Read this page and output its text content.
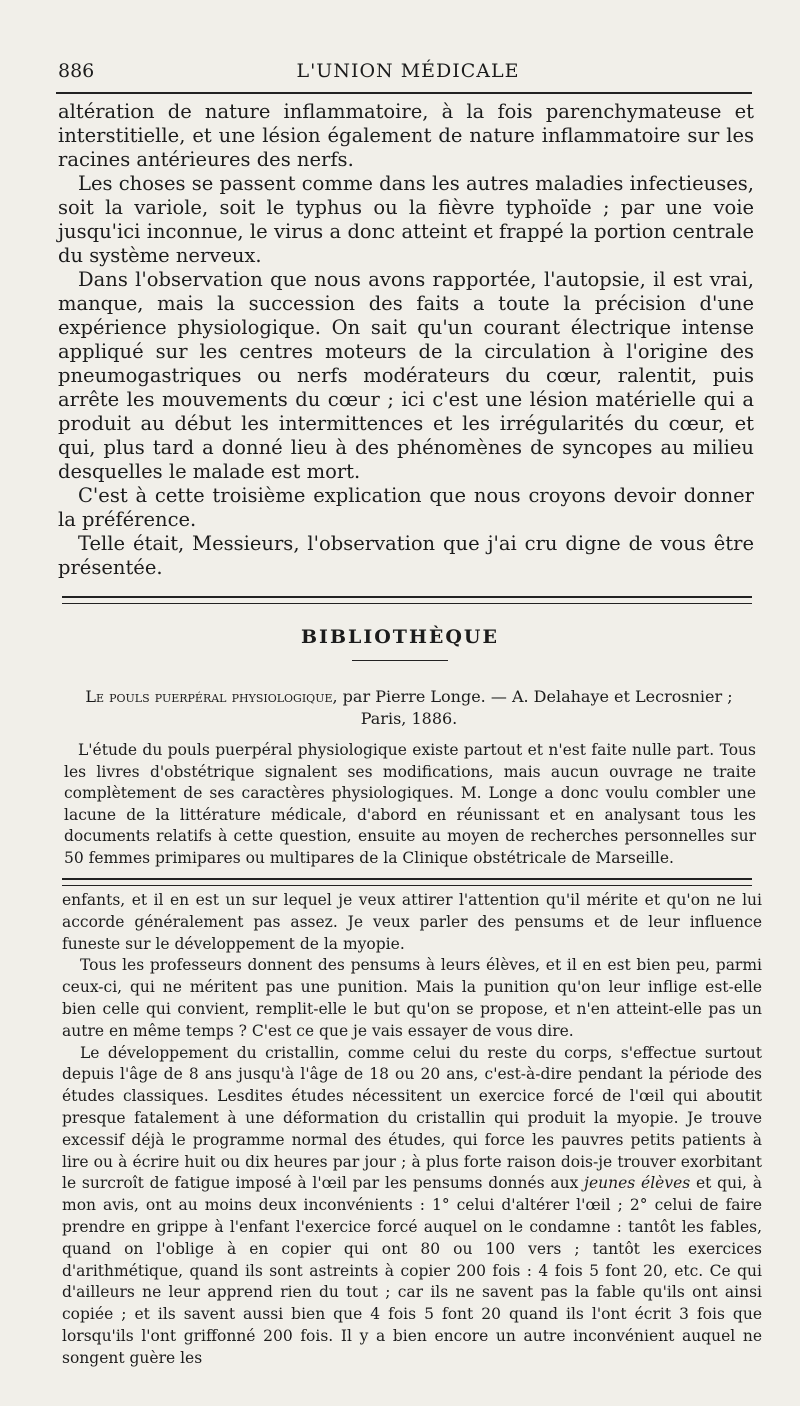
886	L'UNION MÉDICALE

altération de nature inflammatoire, à la fois parenchymateuse et interstitielle, et une lésion également de nature inflammatoire sur les racines antérieures des nerfs.

Les choses se passent comme dans les autres maladies infectieuses, soit la variole, soit le typhus ou la fièvre typhoïde ; par une voie jusqu'ici inconnue, le virus a donc atteint et frappé la portion centrale du système nerveux.

Dans l'observation que nous avons rapportée, l'autopsie, il est vrai, manque, mais la succession des faits a toute la précision d'une expérience physiologique. On sait qu'un courant électrique intense appliqué sur les centres moteurs de la circulation à l'origine des pneumogastriques ou nerfs modérateurs du cœur, ralentit, puis arrête les mouvements du cœur ; ici c'est une lésion matérielle qui a produit au début les intermittences et les irrégularités du cœur, et qui, plus tard a donné lieu à des phénomènes de syncopes au milieu desquelles le malade est mort.

C'est à cette troisième explication que nous croyons devoir donner la préférence.

Telle était, Messieurs, l'observation que j'ai cru digne de vous être présentée.

BIBLIOTHÈQUE
Le pouls puerpéral physiologique, par Pierre Longe. — A. Delahaye et Lecrosnier ;
Paris, 1886.

L'étude du pouls puerpéral physiologique existe partout et n'est faite nulle part. Tous les livres d'obstétrique signalent ses modifications, mais aucun ouvrage ne traite complètement de ses caractères physiologiques. M. Longe a donc voulu combler une lacune de la littérature médicale, d'abord en réunissant et en analysant tous les documents relatifs à cette question, ensuite au moyen de recherches personnelles sur 50 femmes primipares ou multipares de la Clinique obstétricale de Marseille.

enfants, et il en est un sur lequel je veux attirer l'attention qu'il mérite et qu'on ne lui accorde généralement pas assez. Je veux parler des pensums et de leur influence funeste sur le développement de la myopie.

Tous les professeurs donnent des pensums à leurs élèves, et il en est bien peu, parmi ceux-ci, qui ne méritent pas une punition. Mais la punition qu'on leur inflige est-elle bien celle qui convient, remplit-elle le but qu'on se propose, et n'en atteint-elle pas un autre en même temps ? C'est ce que je vais essayer de vous dire.

Le développement du cristallin, comme celui du reste du corps, s'effectue surtout depuis l'âge de 8 ans jusqu'à l'âge de 18 ou 20 ans, c'est-à-dire pendant la période des études classiques. Lesdites études nécessitent un exercice forcé de l'œil qui aboutit presque fatalement à une déformation du cristallin qui produit la myopie. Je trouve excessif déjà le programme normal des études, qui force les pauvres petits patients à lire ou à écrire huit ou dix heures par jour ; à plus forte raison dois-je trouver exorbitant le surcroît de fatigue imposé à l'œil par les pensums donnés aux jeunes élèves et qui, à mon avis, ont au moins deux inconvénients : 1° celui d'altérer l'œil ; 2° celui de faire prendre en grippe à l'enfant l'exercice forcé auquel on le condamne : tantôt les fables, quand on l'oblige à en copier qui ont 80 ou 100 vers ; tantôt les exercices d'arithmétique, quand ils sont astreints à copier 200 fois : 4 fois 5 font 20, etc. Ce qui d'ailleurs ne leur apprend rien du tout ; car ils ne savent pas la fable qu'ils ont ainsi copiée ; et ils savent aussi bien que 4 fois 5 font 20 quand ils l'ont écrit 3 fois que lorsqu'ils l'ont griffonné 200 fois. Il y a bien encore un autre inconvénient auquel ne songent guère les
